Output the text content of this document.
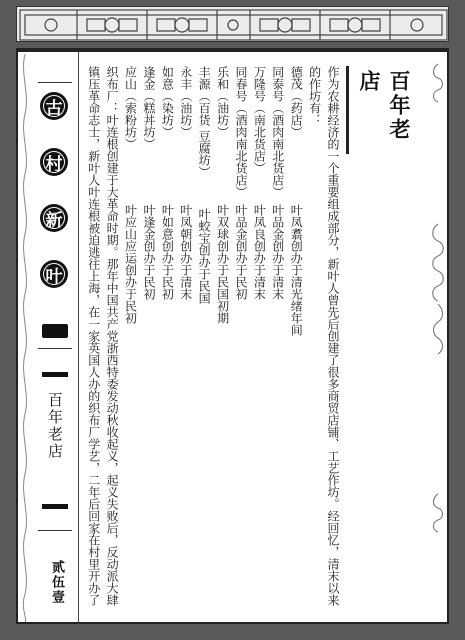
古
村
新
叶
百年老店
贰伍壹
百年老店

作为农耕经济的一个重要组成部分，新叶人曾先后创建了很多商贸店铺、工艺作坊。经回忆，清末以来的作坊有：

德茂（药店）　　　　　　叶凤翥创办于清光绪年间

同泰号（酒肉南北货店）　叶品金创办于清末

万隆号（南北货店）　　　叶凤良创办于清末

同春号（酒肉南北货店）　叶品金创办于民初

乐和（油坊）　　　　　　叶双球创办于民国初期

丰源（百货 豆腐坊）　　　叶蛟宝创办于民国

永丰（油坊）　　　　　　叶凤朝创办于清末

如意（染坊）　　　　　　叶如意创办于民初

逢金（糕丼坊）　　　　　叶逢金创办于民初

应山（索粉坊）　　　　　叶应山应运创办于民初

织布厂：叶连根创建于大革命时期。那年中国共产党浙西特委发动秋收起义，起义失败后，反动派大肆镇压革命志士，新叶人叶连根被迫逃往上海，在一家英国人办的织布厂学艺，二年后回家在村里开办了
